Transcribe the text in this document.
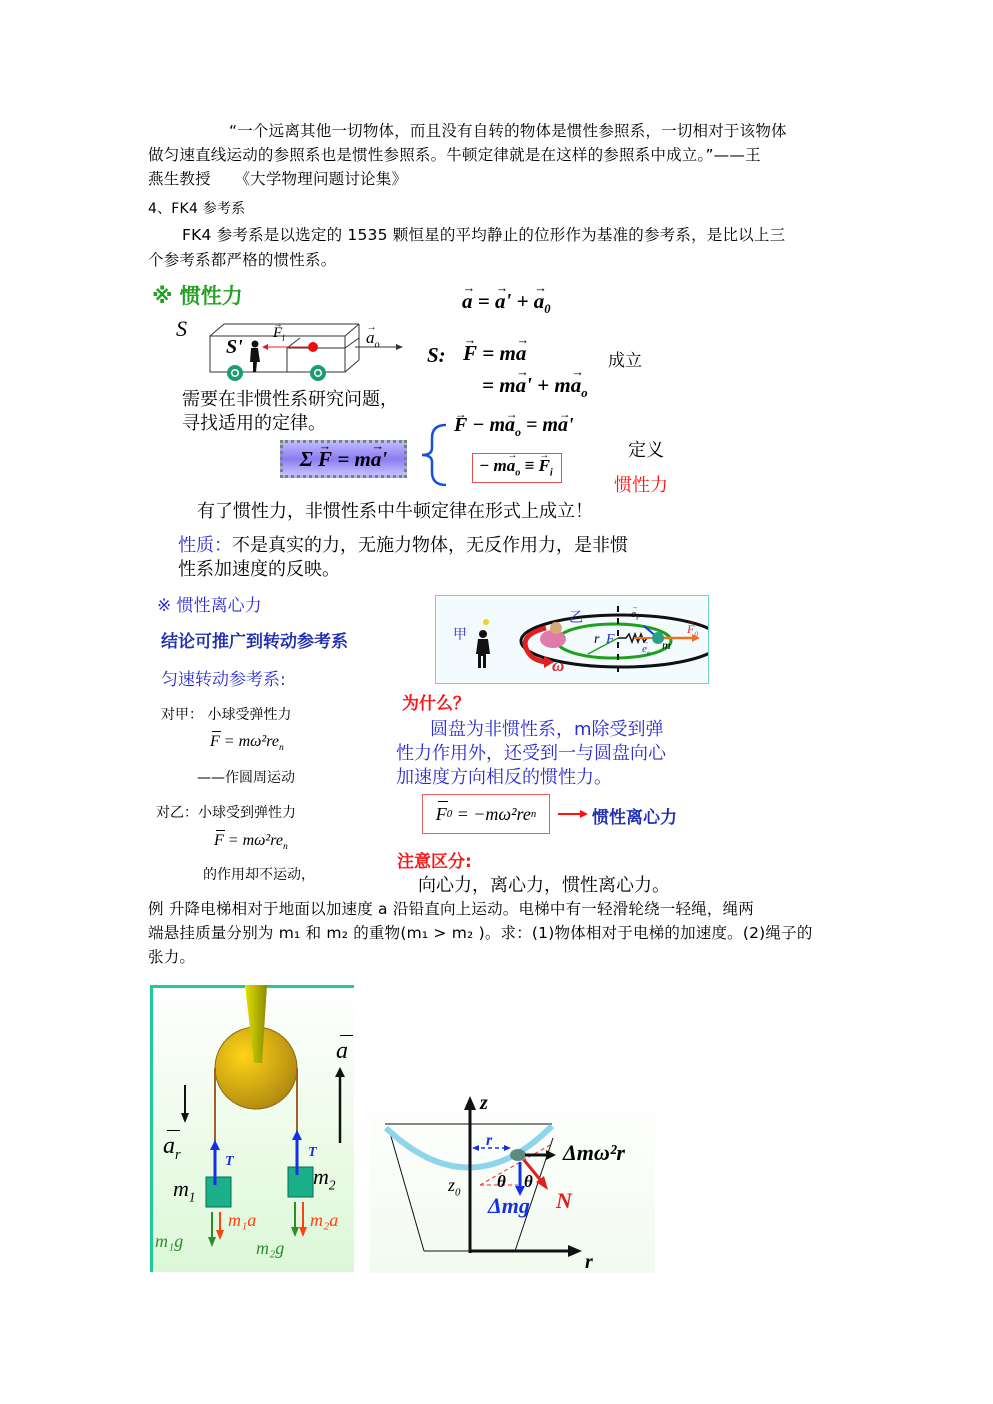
“一个远离其他一切物体，而且没有自转的物体是惯性参照系，一切相对于该物体
做匀速直线运动的参照系也是惯性参照系。牛顿定律就是在这样的参照系中成立。”——王
燕生教授　　《大学物理问题讨论集》
4、FK4 参考系
FK4 参考系是以选定的 1535 颗恒星的平均静止的位形作为基准的参考系，是比以上三
个参考系都严格的惯性系。
※ 惯性力
S
S'
→ $F_i$	→ $a_o$
→ a = → a' + → $a_0$
S: → F = m→ a
= $m\to a' + m\to a_o$
成立
需要在非惯性系研究问题，
寻找适用的定律。
Σ
→ F = m → a '
→ $F - m\to a_o = m\to a'$
− $m\to a_o$ ≡ → $F_i$
定义
惯性力
有了惯性力，非惯性系中牛顿定律在形式上成立！
性质：不是真实的力，无施力物体，无反作用力，是非惯
性系加速度的反映。
※ 惯性离心力
结论可推广到转动参考系
匀速转动参考系:
对甲： 小球受弹性力
$F = m\omega^2re_n$
——作圆周运动
对乙：小球受到弹性力
$F = m\omega^2re_n$
的作用却不运动，
甲
乙
r F
→ $e_\tau$
→ $e_n$
m
→ $F_0$
ω
为什么？
圆盘为非惯性系，m除受到弹
性力作用外，还受到一与圆盘向心
加速度方向相反的惯性力。
F 0
= −mω²re n	惯性离心力
注意区分:
向心力，离心力，惯性离心力。
例 升降电梯相对于地面以加速度 a 沿铅直向上运动。电梯中有一轻滑轮绕一轻绳，绳两
端悬挂质量分别为 m₁ 和 m₂ 的重物(m₁ > m₂ )。求：(1)物体相对于电梯的加速度。(2)绳子的
张力。
a
$a_r$	T
T
$m_1$
$m_2$
m₁a	m₂a
m₁g	m₂g
z
r
r
$z_0$
θ θ
Δmω²r
Δmg N
